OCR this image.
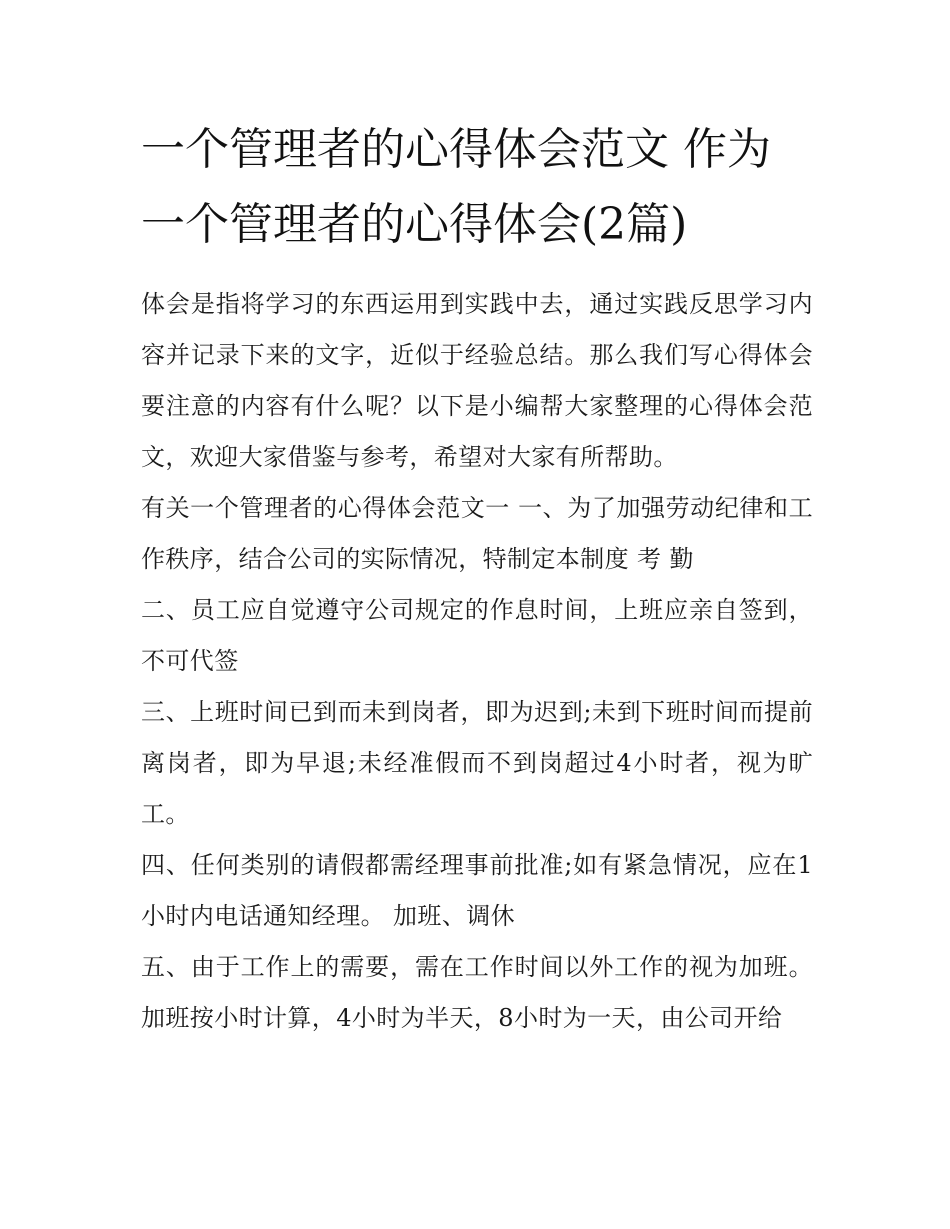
一个管理者的心得体会范文 作为一个管理者的心得体会(2篇)

体会是指将学习的东西运用到实践中去，通过实践反思学习内容并记录下来的文字，近似于经验总结。那么我们写心得体会要注意的内容有什么呢？以下是小编帮大家整理的心得体会范文，欢迎大家借鉴与参考，希望对大家有所帮助。

有关一个管理者的心得体会范文一 一、为了加强劳动纪律和工作秩序，结合公司的实际情况，特制定本制度 考 勤

二、员工应自觉遵守公司规定的作息时间，上班应亲自签到，不可代签

三、上班时间已到而未到岗者，即为迟到;未到下班时间而提前离岗者，即为早退;未经准假而不到岗超过4小时者，视为旷工。

四、任何类别的请假都需经理事前批准;如有紧急情况，应在1小时内电话通知经理。 加班、调休

五、由于工作上的需要，需在工作时间以外工作的视为加班。加班按小时计算，4小时为半天，8小时为一天，由公司开给
